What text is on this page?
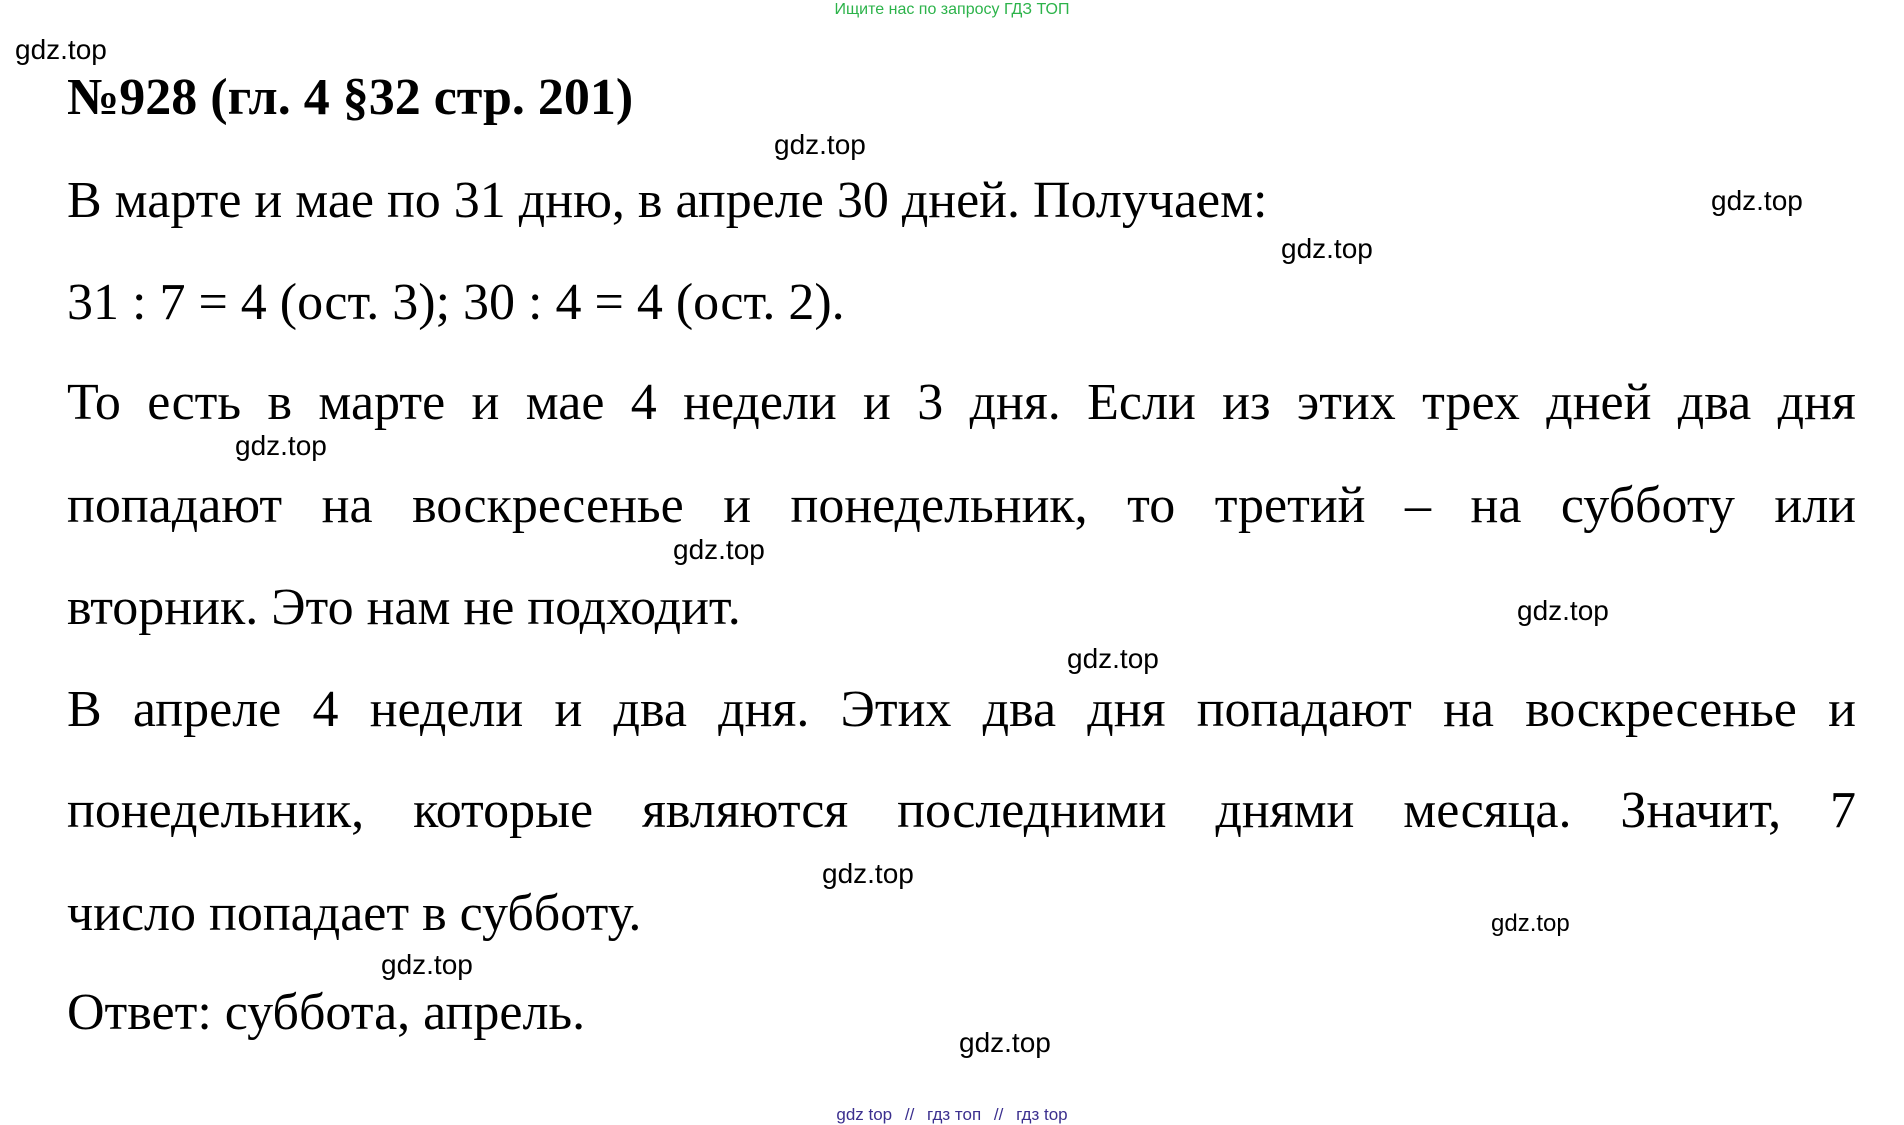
Ищите нас по запросу ГДЗ ТОП
gdz.top
№928 (гл. 4 §32 стр. 201)
gdz.top
gdz.top
В марте и мае по 31 дню, в апреле 30 дней. Получаем:
gdz.top
31 : 7 = 4 (ост. 3); 30 : 4 = 4 (ост. 2).
То есть в марте и мае 4 недели и 3 дня. Если из этих трех дней два дня
gdz.top
попадают на воскресенье и понедельник, то третий – на субботу или
gdz.top
вторник. Это нам не подходит.	gdz.top
gdz.top
В апреле 4 недели и два дня. Этих два дня попадают на воскресенье и
понедельник, которые являются последними днями месяца. Значит, 7
gdz.top
число попадает в субботу.	gdz.top
gdz.top
Ответ: суббота, апрель.
gdz.top
gdz top // гдз топ // гдз top
